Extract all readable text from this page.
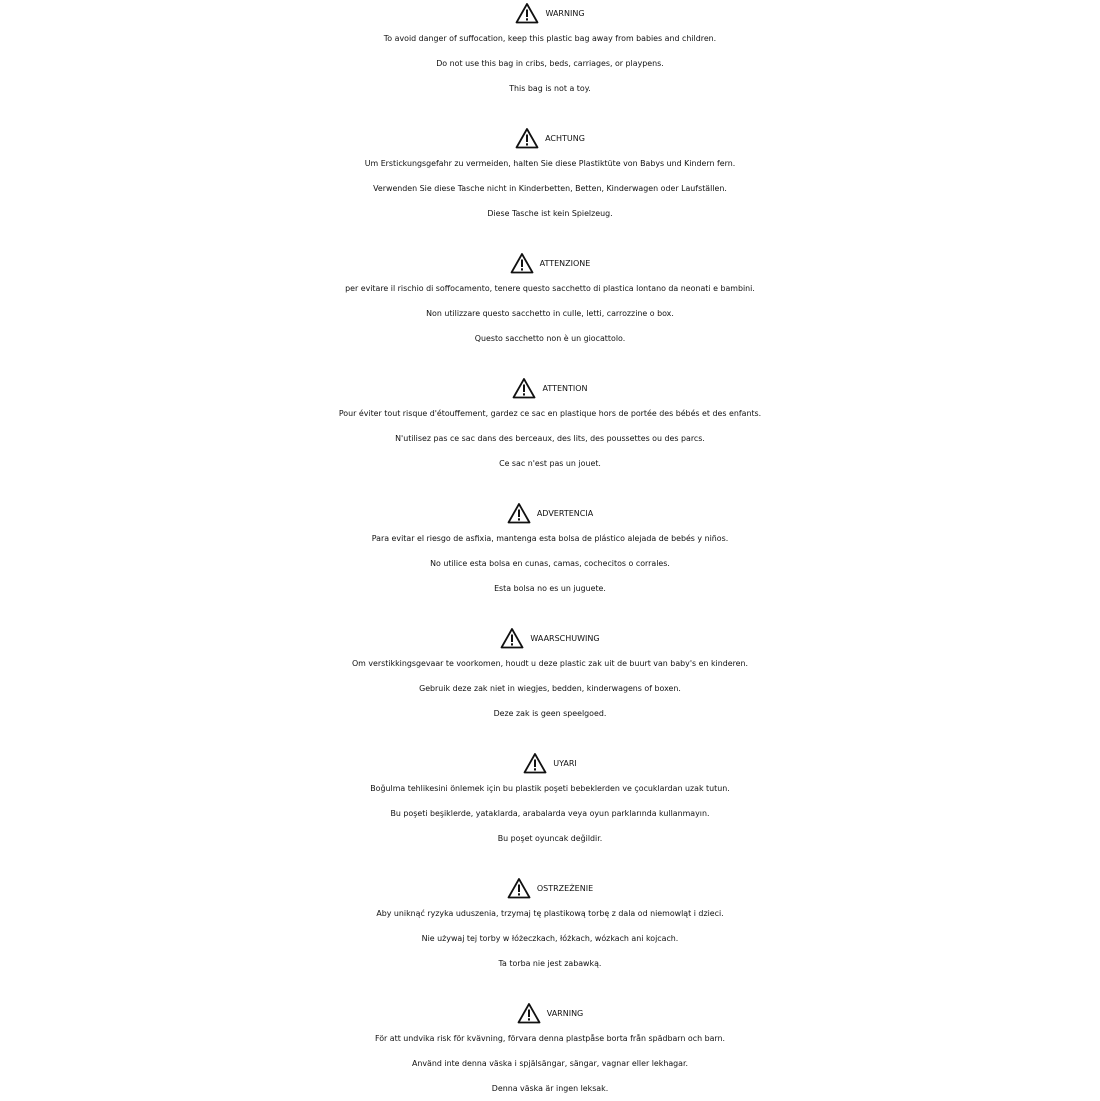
WARNING
To avoid danger of suffocation, keep this plastic bag away from babies and children.
Do not use this bag in cribs, beds, carriages, or playpens.
This bag is not a toy.
ACHTUNG
Um Erstickungsgefahr zu vermeiden, halten Sie diese Plastiktüte von Babys und Kindern fern.
Verwenden Sie diese Tasche nicht in Kinderbetten, Betten, Kinderwagen oder Laufställen.
Diese Tasche ist kein Spielzeug.
ATTENZIONE
per evitare il rischio di soffocamento, tenere questo sacchetto di plastica lontano da neonati e bambini.
Non utilizzare questo sacchetto in culle, letti, carrozzine o box.
Questo sacchetto non è un giocattolo.
ATTENTION
Pour éviter tout risque d'étouffement, gardez ce sac en plastique hors de portée des bébés et des enfants.
N'utilisez pas ce sac dans des berceaux, des lits, des poussettes ou des parcs.
Ce sac n'est pas un jouet.
ADVERTENCIA
Para evitar el riesgo de asfixia, mantenga esta bolsa de plástico alejada de bebés y niños.
No utilice esta bolsa en cunas, camas, cochecitos o corrales.
Esta bolsa no es un juguete.
WAARSCHUWING
Om verstikkingsgevaar te voorkomen, houdt u deze plastic zak uit de buurt van baby's en kinderen.
Gebruik deze zak niet in wiegjes, bedden, kinderwagens of boxen.
Deze zak is geen speelgoed.
UYARI
Boğulma tehlikesini önlemek için bu plastik poşeti bebeklerden ve çocuklardan uzak tutun.
Bu poşeti beşiklerde, yataklarda, arabalarda veya oyun parklarında kullanmayın.
Bu poşet oyuncak değildir.
OSTRZEŻENIE
Aby uniknąć ryzyka uduszenia, trzymaj tę plastikową torbę z dala od niemowląt i dzieci.
Nie używaj tej torby w łóżeczkach, łóżkach, wózkach ani kojcach.
Ta torba nie jest zabawką.
VARNING
För att undvika risk för kvävning, förvara denna plastpåse borta från spädbarn och barn.
Använd inte denna väska i spjälsängar, sängar, vagnar eller lekhagar.
Denna väska är ingen leksak.
